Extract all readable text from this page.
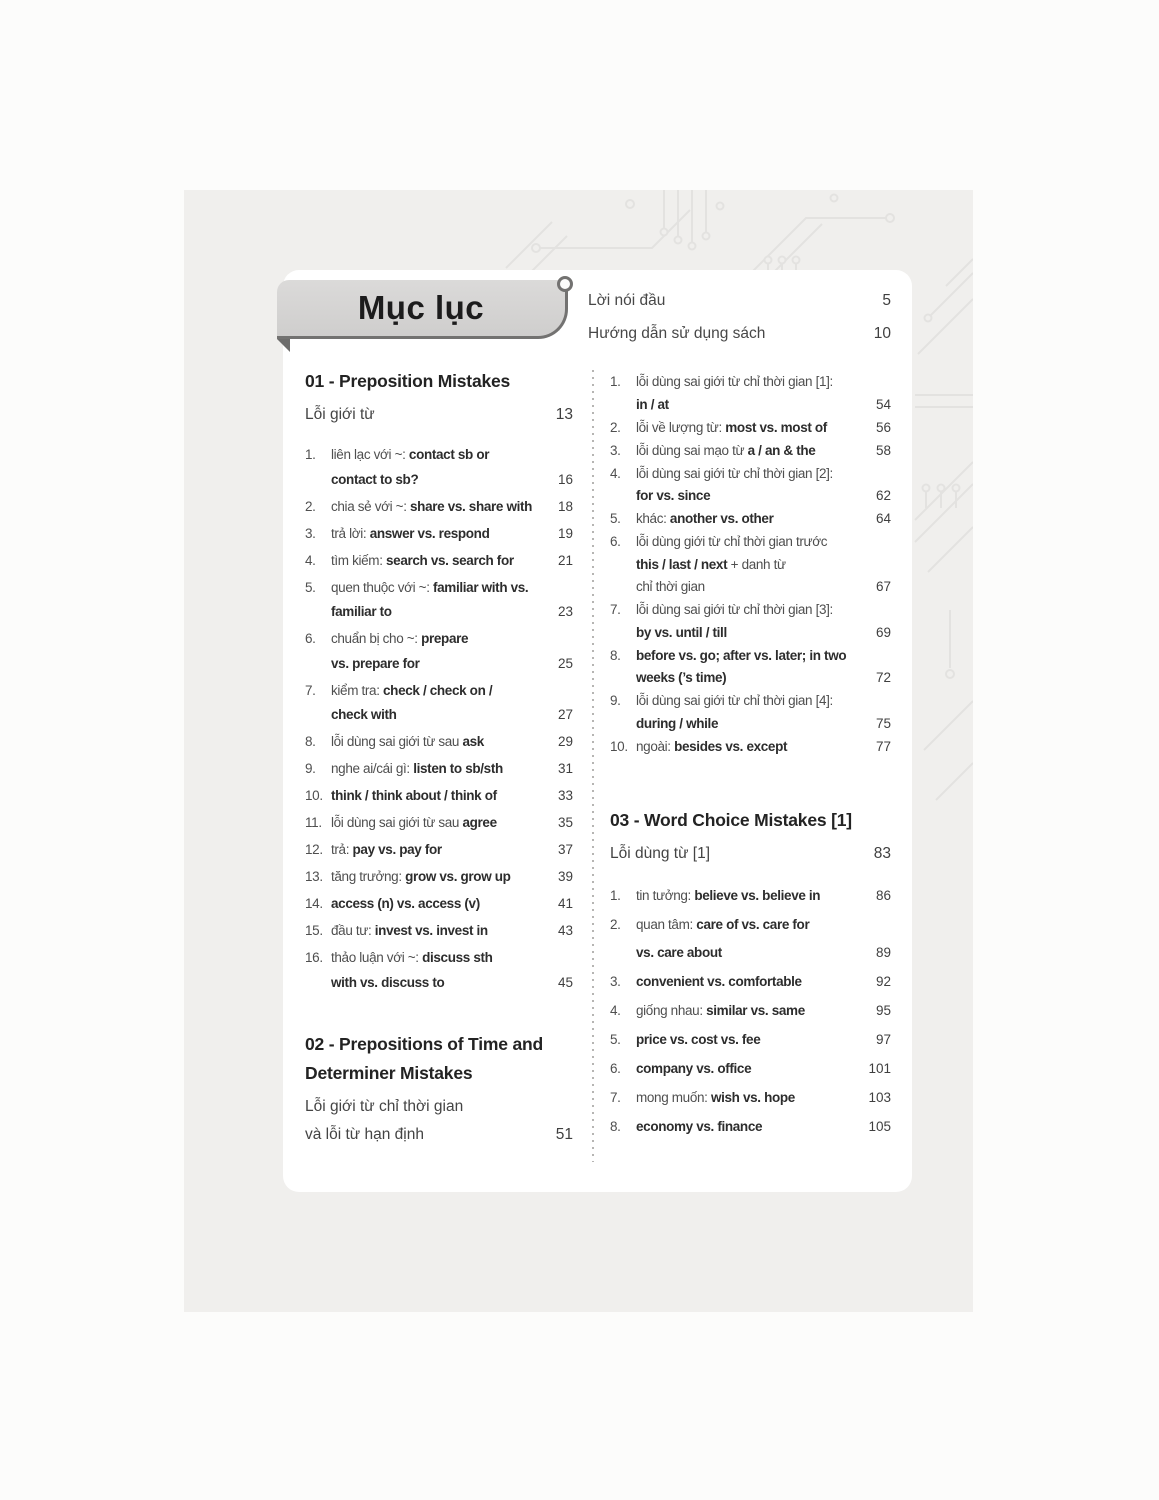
Mục lục
01 - Preposition Mistakes
Lỗi giới từ	13
1.	liên lạc với ~: contact sb or
contact to sb?	16
2.	chia sẻ với ~: share vs. share with	18
3.	trả lời: answer vs. respond	19
4.	tìm kiếm: search vs. search for	21
5.	quen thuộc với ~: familiar with vs.
familiar to	23
6.	chuẩn bị cho ~: prepare
vs. prepare for	25
7.	kiểm tra: check / check on /
check with	27
8.	lỗi dùng sai giới từ sau ask	29
9.	nghe ai/cái gì: listen to sb/sth	31
10. think / think about / think of	33
11. lỗi dùng sai giới từ sau agree	35
12. trả: pay vs. pay for	37
13. tăng trưởng: grow vs. grow up	39
14. access (n) vs. access (v)	41
15. đầu tư: invest vs. invest in	43
16. thảo luận với ~: discuss sth
with vs. discuss to	45
02 - Prepositions of Time and
Determiner Mistakes
Lỗi giới từ chỉ thời gian
và lỗi từ hạn định	51
Lời nói đầu	5
Hướng dẫn sử dụng sách	10
1.	lỗi dùng sai giới từ chỉ thời gian [1]:
in / at	54
2.	lỗi về lượng từ: most vs. most of	56
3.	lỗi dùng sai mạo từ a / an & the	58
4.	lỗi dùng sai giới từ chỉ thời gian [2]:
for vs. since	62
5.	khác: another vs. other	64
6.	lỗi dùng giới từ chỉ thời gian trước
this / last / next + danh từ
chỉ thời gian	67
7.	lỗi dùng sai giới từ chỉ thời gian [3]:
by vs. until / till	69
8.	before vs. go; after vs. later; in two
weeks (’s time)	72
9.	lỗi dùng sai giới từ chỉ thời gian [4]:
during / while	75
10. ngoài: besides vs. except	77
03 - Word Choice Mistakes [1]
Lỗi dùng từ [1]	83
1.	tin tưởng: believe vs. believe in	86
2.	quan tâm: care of vs. care for
vs. care about	89
3.	convenient vs. comfortable	92
4.	giống nhau: similar vs. same	95
5.	price vs. cost vs. fee	97
6.	company vs. office	101
7.	mong muốn: wish vs. hope	103
8.	economy vs. finance	105
